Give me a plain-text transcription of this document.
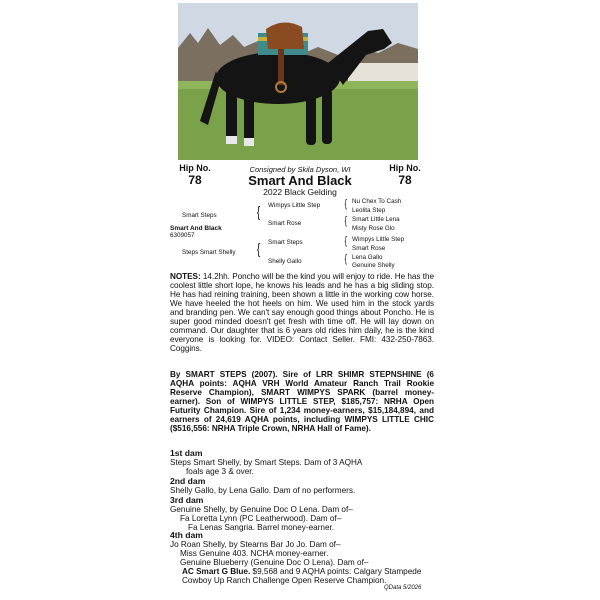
Hip No.
78
Hip No.
78
Consigned by Skila Dyson, WI
Smart And Black
2022 Black Gelding
Smart Steps
Smart And Black
6309057
Steps Smart Shelly
{
{
Wimpys Little Step
Smart Rose
Smart Steps
Shelly Gallo
{
{
{
{
Nu Chex To Cash
Leolita Step
Smart Little Lena
Misty Rose Glo
Wimpys Little Step
Smart Rose
Lena Gallo
Genuine Shelly

NOTES: 14.2hh. Poncho will be the kind you will enjoy to ride. He has the coolest little short lope, he knows his leads and he has a big sliding stop. He has had reining training, been shown a little in the working cow horse. We have heeled the hot heels on him. We used him in the stock yards and branding pen. We can't say enough good things about Poncho. He is super good minded doesn't get fresh with time off. He will lay down on command. Our daughter that is 6 years old rides him daily, he is the kind everyone is looking for. VIDEO: Contact Seller. FMI: 432-250-7863. Coggins.

By SMART STEPS (2007). Sire of LRR SHIMR STEPNSHINE (6 AQHA points: AQHA VRH World Amateur Ranch Trail Rookie Reserve Champion), SMART WIMPYS SPARK (barrel money-earner). Son of WIMPYS LITTLE STEP, $185,757: NRHA Open Futurity Champion. Sire of 1,234 money-earners, $15,184,894, and earners of 24,619 AQHA points, including WIMPYS LITTLE CHIC ($516,556: NRHA Triple Crown, NRHA Hall of Fame).
1st dam
Steps Smart Shelly, by Smart Steps. Dam of 3 AQHA
foals age 3 & over.
2nd dam
Shelly Gallo, by Lena Gallo. Dam of no performers.
3rd dam
Genuine Shelly, by Genuine Doc O Lena. Dam of–
Fa Loretta Lynn (PC Leatherwood). Dam of–
Fa Lenas Sangria. Barrel money-earner.
4th dam
Jo Roan Shelly, by Stearns Bar Jo Jo. Dam of–
Miss Genuine 403. NCHA money-earner.
Genuine Blueberry (Genuine Doc O Lena). Dam of–
AC Smart G Blue. $9,568 and 9 AQHA points: Calgary Stampede Cowboy Up Ranch Challenge Open Reserve Champion.
QData 5/2026
